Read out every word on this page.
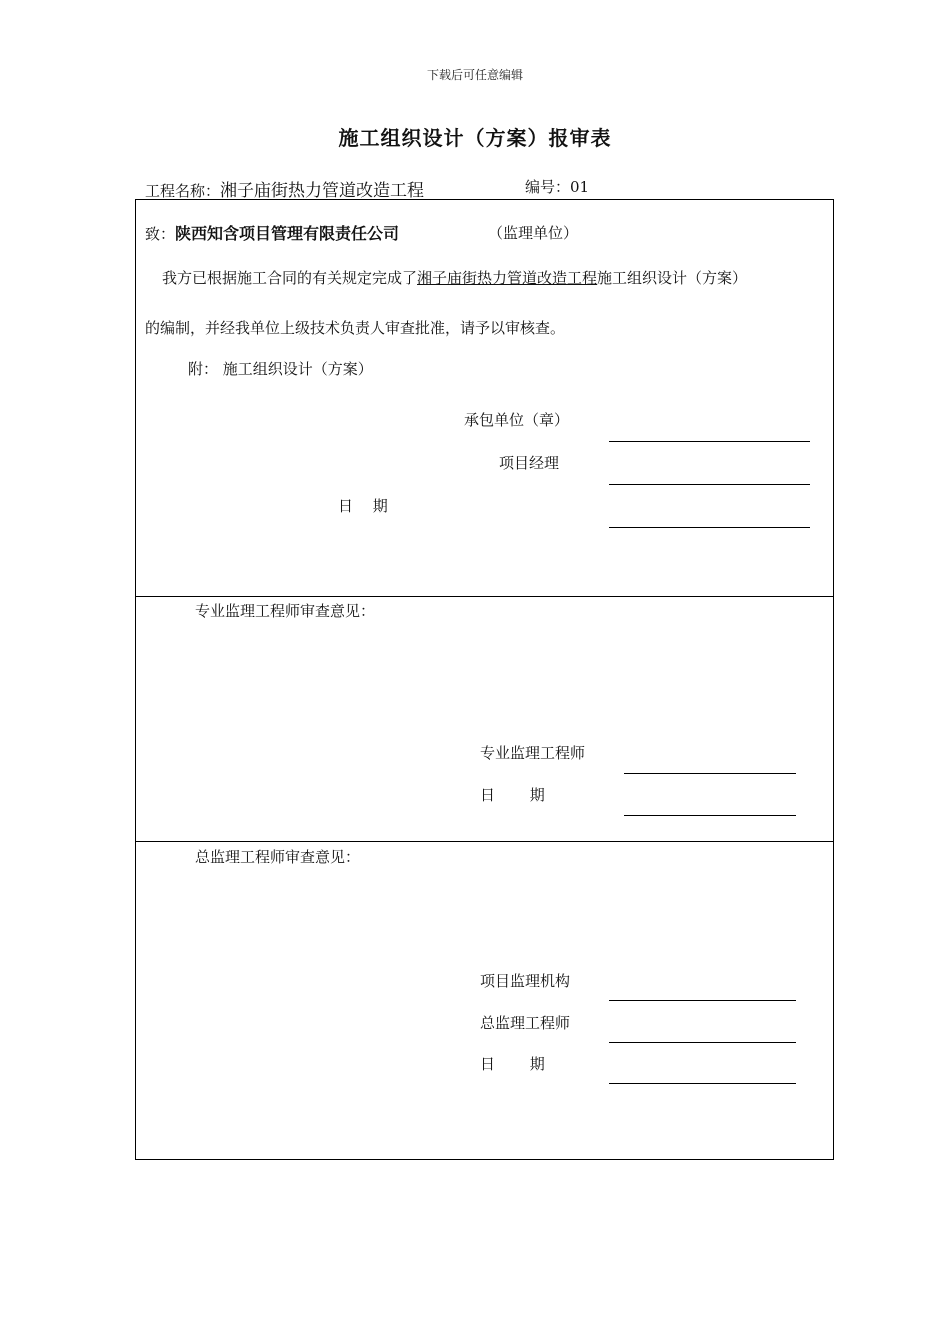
下载后可任意编辑
施工组织设计（方案）报审表
工程名称：湘子庙街热力管道改造工程	编号：01
致：陕西知含项目管理有限责任公司	（监理单位）
我方已根据施工合同的有关规定完成了湘子庙街热力管道改造工程施工组织设计（方案）
的编制，并经我单位上级技术负责人审查批准，请予以审核查。
附： 施工组织设计（方案）
承包单位（章）
项目经理
日　 期
专业监理工程师审查意见：
专业监理工程师
日　　 期
总监理工程师审查意见：
项目监理机构
总监理工程师
日　　 期
